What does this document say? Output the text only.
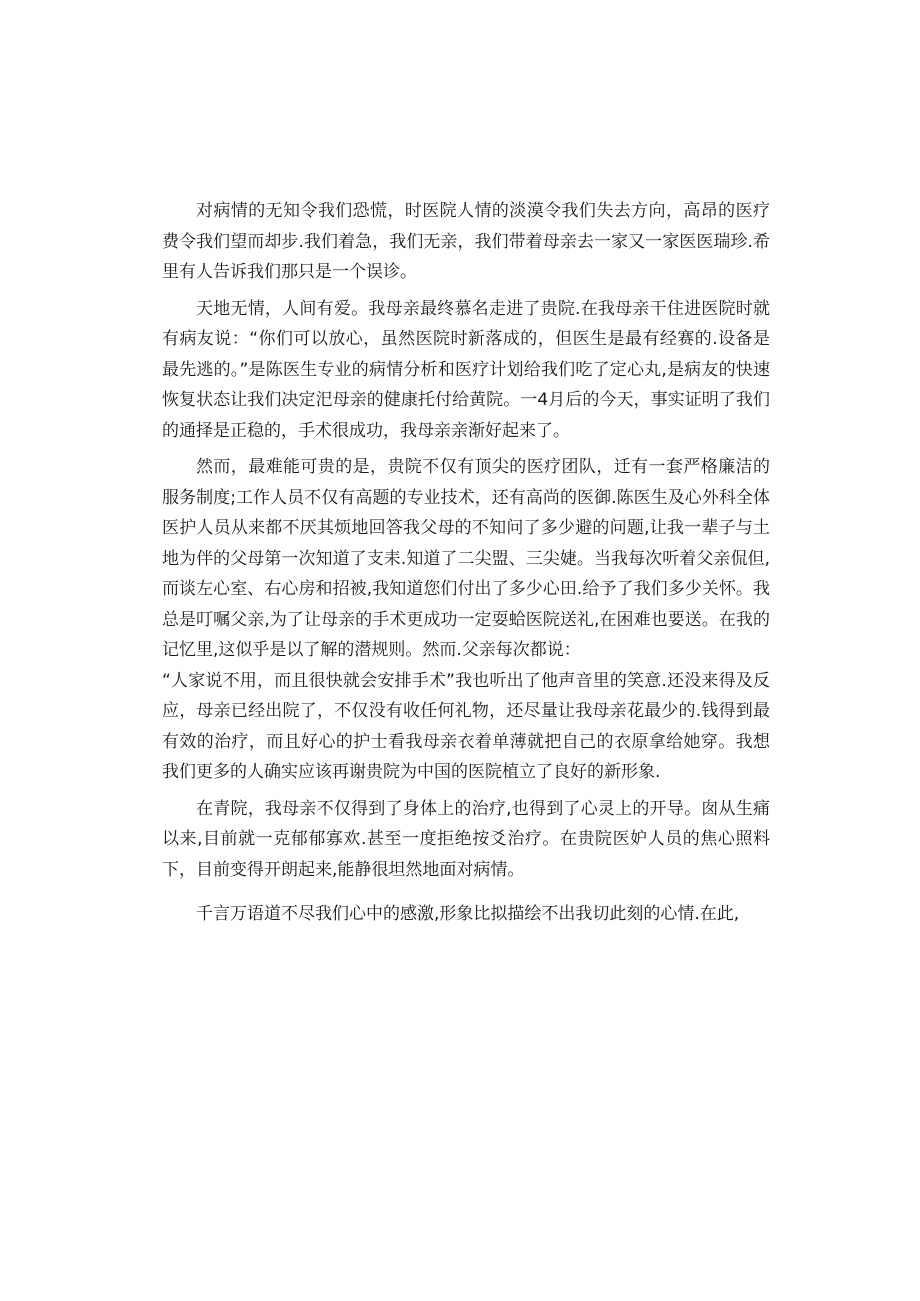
对病情的无知令我们恐慌，时医院人情的淡漠令我们失去方向，高昂的医疗费令我们望而却步.我们着急，我们无亲，我们带着母亲去一家又一家医医瑞珍.希里有人告诉我们那只是一个误诊。

天地无情，人间有爱。我母亲最终慕名走进了贵院.在我母亲干住进医院时就有病友说：“你们可以放心，虽然医院时新落成的，但医生是最有经赛的.设备是最先逃的。”是陈医生专业的病情分析和医疗计划给我们吃了定心丸,是病友的快速恢复状态让我们决定汜母亲的健康托付给黄院。一4月后的今天，事实证明了我们的通择是正稳的，手术很成功，我母亲亲渐好起来了。

然而，最难能可贵的是，贵院不仅有顶尖的医疗团队，迁有一套严格廉洁的服务制度;工作人员不仅有高题的专业技术，还有高尚的医御.陈医生及心外科全体医护人员从来都不厌其烦地回答我父母的不知问了多少避的问题,让我一辈子与土地为伴的父母第一次知道了支耒.知道了二尖盟、三尖婕。当我每次听着父亲侃但,而谈左心室、右心房和招被,我知道您们付出了多少心田.给予了我们多少关怀。我总是叮嘱父亲,为了让母亲的手术更成功一定耍蛤医院送礼,在困难也要送。在我的记忆里,这似乎是以了解的潜规则。然而.父亲每次都说：

“人家说不用，而且很快就会安排手术”我也听出了他声音里的笑意.还没来得及反应，母亲已经出院了，不仅没有收任何礼物，还尽量让我母亲花最少的.钱得到最有效的治疗，而且好心的护士看我母亲衣着单薄就把自己的衣原拿给她穿。我想我们更多的人确实应该再谢贵院为中国的医院植立了良好的新形象.

在青院，我母亲不仅得到了身体上的治疗,也得到了心灵上的开导。囱从生痛以来,目前就一克郁郁寡欢.甚至一度拒绝按爻治疗。在贵院医妒人员的焦心照料下，目前变得开朗起来,能静很坦然地面对病情。

千言万语道不尽我们心中的感激,形象比拟描绘不出我切此刻的心情.在此,
